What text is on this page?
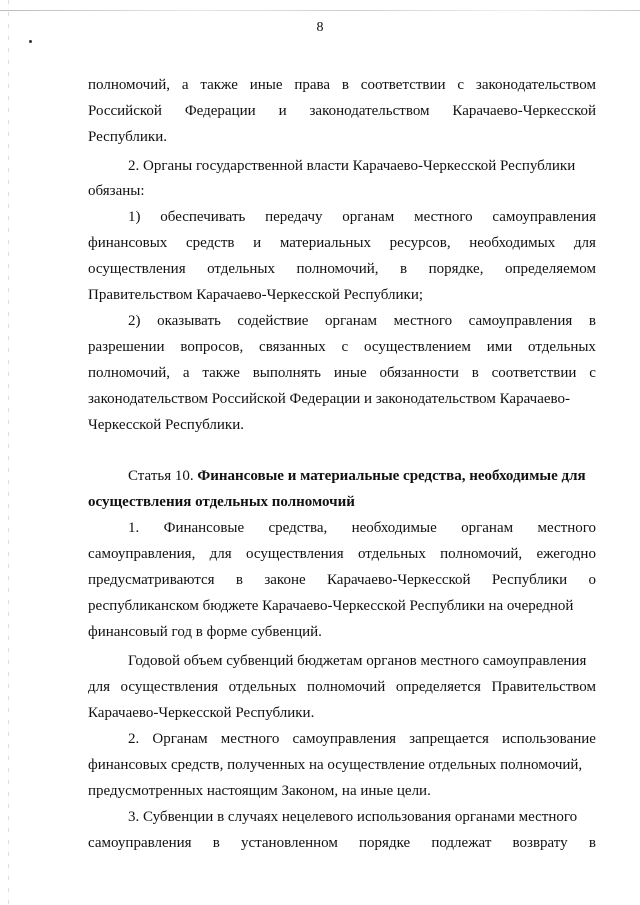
8
полномочий, а также иные права в соответствии с законодательством
Российской Федерации и законодательством Карачаево-Черкесской
Республики.
2. Органы государственной власти Карачаево-Черкесской Республики
обязаны:
1) обеспечивать передачу органам местного самоуправления
финансовых средств и материальных ресурсов, необходимых для
осуществления отдельных полномочий, в порядке, определяемом
Правительством Карачаево-Черкесской Республики;
2) оказывать содействие органам местного самоуправления в
разрешении вопросов, связанных с осуществлением ими отдельных
полномочий, а также выполнять иные обязанности в соответствии с
законодательством Российской Федерации и законодательством Карачаево-
Черкесской Республики.
Статья 10. Финансовые и материальные средства, необходимые для
осуществления отдельных полномочий
1. Финансовые средства, необходимые органам местного
самоуправления, для осуществления отдельных полномочий, ежегодно
предусматриваются в законе Карачаево-Черкесской Республики о
республиканском бюджете Карачаево-Черкесской Республики на очередной
финансовый год в форме субвенций.
Годовой объем субвенций бюджетам органов местного самоуправления
для осуществления отдельных полномочий определяется Правительством
Карачаево-Черкесской Республики.
2. Органам местного самоуправления запрещается использование
финансовых средств, полученных на осуществление отдельных полномочий,
предусмотренных настоящим Законом, на иные цели.
3. Субвенции в случаях нецелевого использования органами местного
самоуправления в установленном порядке подлежат возврату в
